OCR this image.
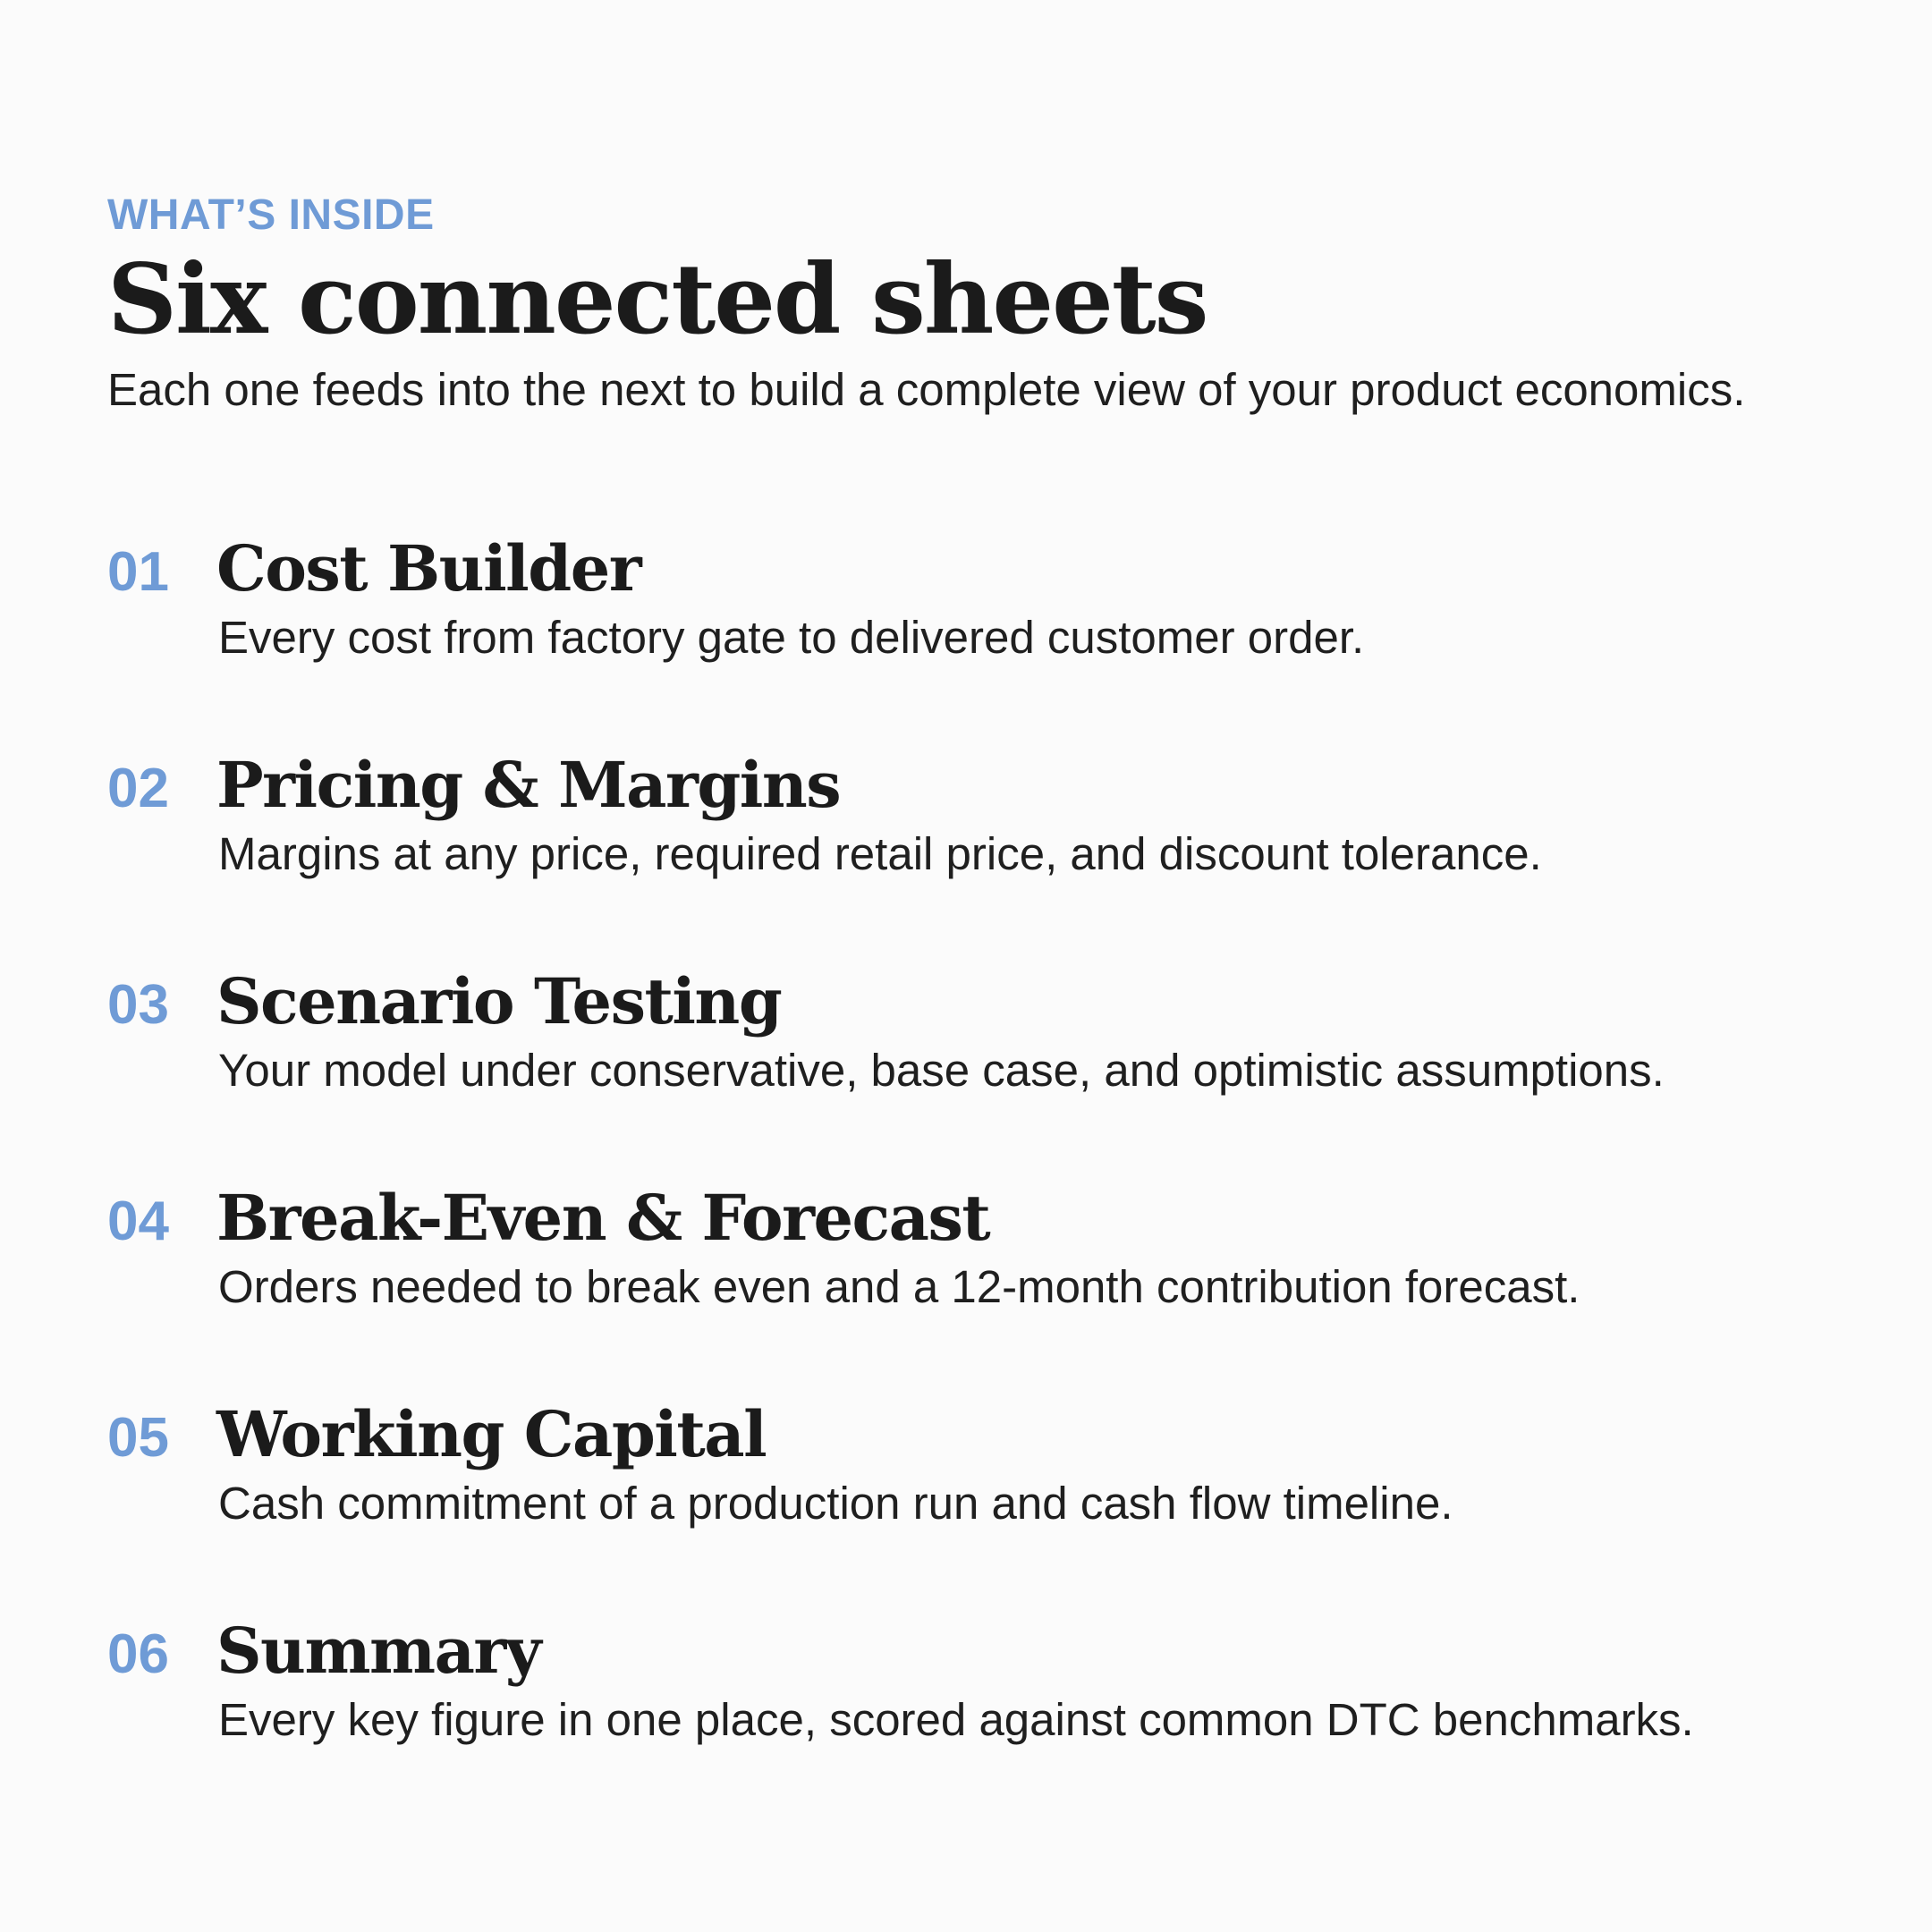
WHAT’S INSIDE
Six connected sheets
Each one feeds into the next to build a complete view of your product economics.
01 Cost Builder
Every cost from factory gate to delivered customer order.
02 Pricing & Margins
Margins at any price, required retail price, and discount tolerance.
03 Scenario Testing
Your model under conservative, base case, and optimistic assumptions.
04 Break-Even & Forecast
Orders needed to break even and a 12-month contribution forecast.
05 Working Capital
Cash commitment of a production run and cash flow timeline.
06 Summary
Every key figure in one place, scored against common DTC benchmarks.
